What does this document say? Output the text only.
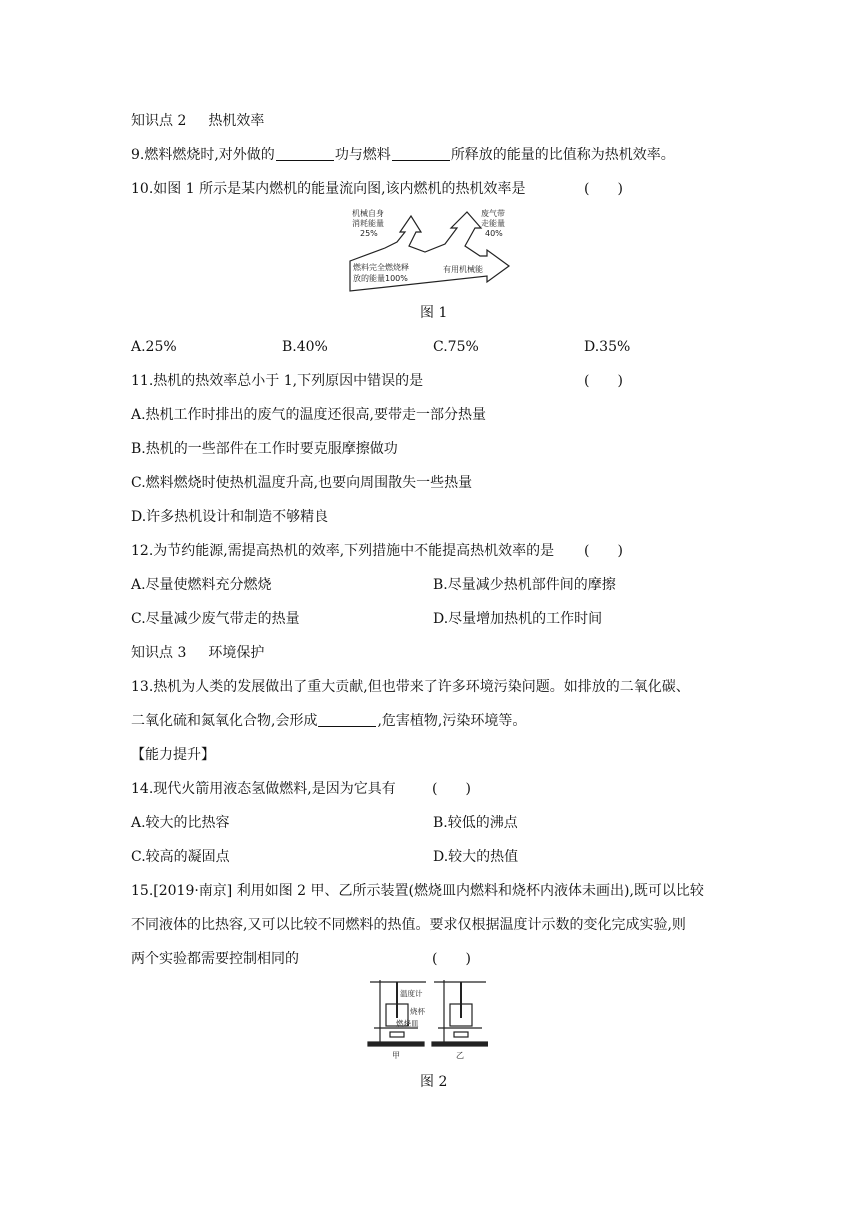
知识点 2 热机效率
9.燃料燃烧时,对外做的	功与燃料	所释放的能量的比值称为热机效率。
10.如图 1 所示是某内燃机的能量流向图,该内燃机的热机效率是	(　　)
机械自身
消耗能量
25%
废气带
走能量
40%
燃料完全燃烧释
放的能量100%
有用机械能
图 1
A.25%	B.40%	C.75%	D.35%
11.热机的热效率总小于 1,下列原因中错误的是	(　　)
A.热机工作时排出的废气的温度还很高,要带走一部分热量
B.热机的一些部件在工作时要克服摩擦做功
C.燃料燃烧时使热机温度升高,也要向周围散失一些热量
D.许多热机设计和制造不够精良
12.为节约能源,需提高热机的效率,下列措施中不能提高热机效率的是 (　　)
A.尽量使燃料充分燃烧	B.尽量减少热机部件间的摩擦
C.尽量减少废气带走的热量	D.尽量增加热机的工作时间
知识点 3 环境保护
13.热机为人类的发展做出了重大贡献,但也带来了许多环境污染问题。如排放的二氧化碳、
二氧化硫和氮氧化合物,会形成	,危害植物,污染环境等。
【能力提升】
14.现代火箭用液态氢做燃料,是因为它具有	(　　)
A.较大的比热容	B.较低的沸点
C.较高的凝固点	D.较大的热值
15.[2019·南京] 利用如图 2 甲、乙所示装置(燃烧皿内燃料和烧杯内液体未画出),既可以比较
不同液体的比热容,又可以比较不同燃料的热值。要求仅根据温度计示数的变化完成实验,则
两个实验都需要控制相同的	(　　)
温度计
烧杯
燃烧皿
甲	乙
图 2
